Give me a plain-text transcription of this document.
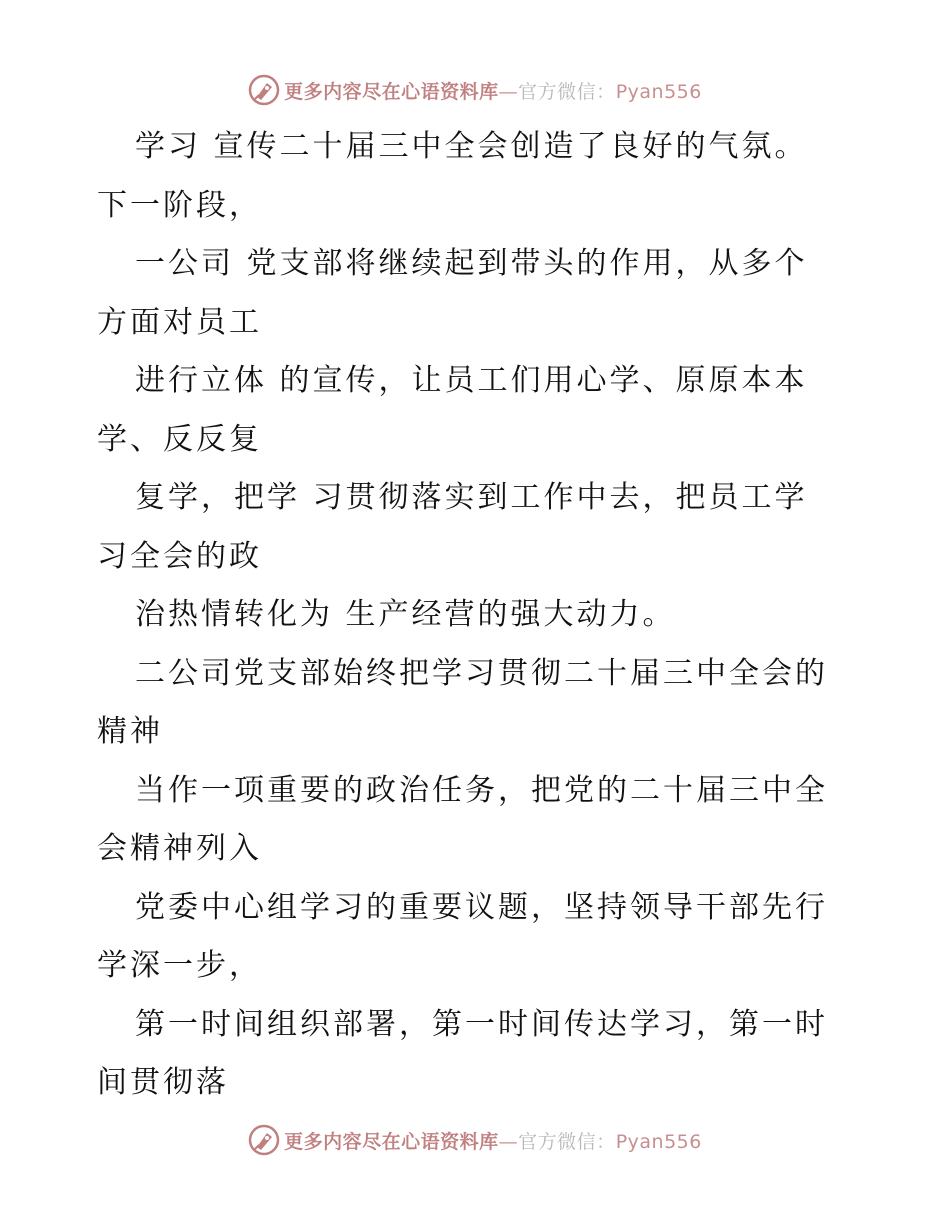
更多内容尽在心语资料库—官方微信：Pyan556
学习 宣传二十届三中全会创造了良好的气氛。
下一阶段，
一公司 党支部将继续起到带头的作用，从多个
方面对员工
进行立体 的宣传，让员工们用心学、原原本本
学、反反复
复学，把学 习贯彻落实到工作中去，把员工学
习全会的政
治热情转化为 生产经营的强大动力。
二公司党支部始终把学习贯彻二十届三中全会的
精神
当作一项重要的政治任务，把党的二十届三中全
会精神列入
党委中心组学习的重要议题，坚持领导干部先行
学深一步，
第一时间组织部署，第一时间传达学习，第一时
间贯彻落
更多内容尽在心语资料库—官方微信：Pyan556
